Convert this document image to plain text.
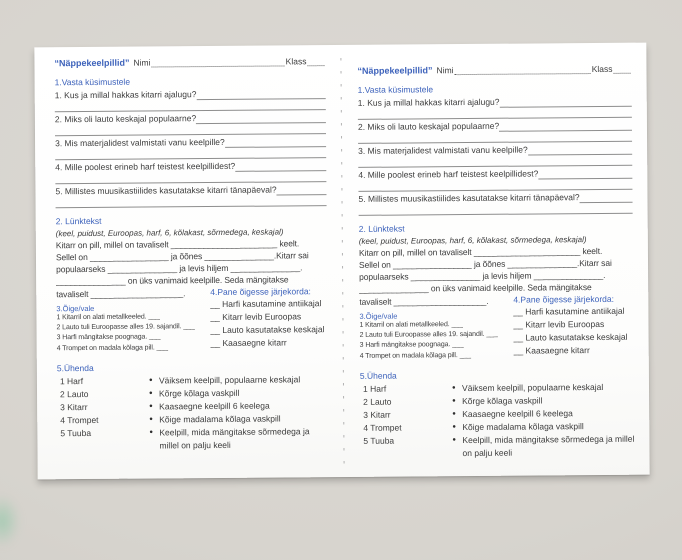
“Näppekeelpillid” Nimi	Klass
1.Vasta küsimustele
1. Kus ja millal hakkas kitarri ajalugu?
2. Miks oli lauto keskajal populaarne?
3. Mis materjalidest valmistati vanu keelpille?
4. Mille poolest erineb harf teistest keelpillidest?
5. Millistes muusikastiilides kasutatakse kitarri tänapäeval?
2. Lünktekst
(keel, puidust, Euroopas, harf, 6, kõlakast, sõrmedega, keskajal)
Kitarr on pill, millel on tavaliselt _______________________ keelt.
Sellel on _________________ ja õõnes _______________.Kitarr sai
populaarseks _______________ ja levis hiljem _______________.
_______________ on üks vanimaid keelpille. Seda mängitakse
tavaliselt ____________________.
3.Õige/vale
1 Kitarril on alati metallkeeled. ___
2 Lauto tuli Euroopasse alles 19. sajandil. ___
3 Harfi mängitakse poognaga. ___
4 Trompet on madala kõlaga pill. ___
4.Pane õigesse järjekorda:
__ Harfi kasutamine antiikajal
__ Kitarr levib Euroopas
__ Lauto kasutatakse keskajal
__ Kaasaegne kitarr
5.Ühenda
1 Harf
2 Lauto
3 Kitarr
4 Trompet
5 Tuuba
● Väiksem keelpill, populaarne keskajal
● Kõrge kõlaga vaskpill
● Kaasaegne keelpill 6 keelega
● Kõige madalama kõlaga vaskpill
● Keelpill, mida mängitakse sõrmedega ja millel on palju keeli
“Näppekeelpillid” Nimi	Klass
1.Vasta küsimustele
1. Kus ja millal hakkas kitarri ajalugu?
2. Miks oli lauto keskajal populaarne?
3. Mis materjalidest valmistati vanu keelpille?
4. Mille poolest erineb harf teistest keelpillidest?
5. Millistes muusikastiilides kasutatakse kitarri tänapäeval?
2. Lünktekst
(keel, puidust, Euroopas, harf, 6, kõlakast, sõrmedega, keskajal)
Kitarr on pill, millel on tavaliselt _______________________ keelt.
Sellel on _________________ ja õõnes _______________.Kitarr sai
populaarseks _______________ ja levis hiljem _______________.
_______________ on üks vanimaid keelpille. Seda mängitakse
tavaliselt ____________________.
3.Õige/vale
1 Kitarril on alati metallkeeled. ___
2 Lauto tuli Euroopasse alles 19. sajandil. ___
3 Harfi mängitakse poognaga. ___
4 Trompet on madala kõlaga pill. ___
4.Pane õigesse järjekorda:
__ Harfi kasutamine antiikajal
__ Kitarr levib Euroopas
__ Lauto kasutatakse keskajal
__ Kaasaegne kitarr
5.Ühenda
1 Harf
2 Lauto
3 Kitarr
4 Trompet
5 Tuuba
● Väiksem keelpill, populaarne keskajal
● Kõrge kõlaga vaskpill
● Kaasaegne keelpill 6 keelega
● Kõige madalama kõlaga vaskpill
● Keelpill, mida mängitakse sõrmedega ja millel on palju keeli
